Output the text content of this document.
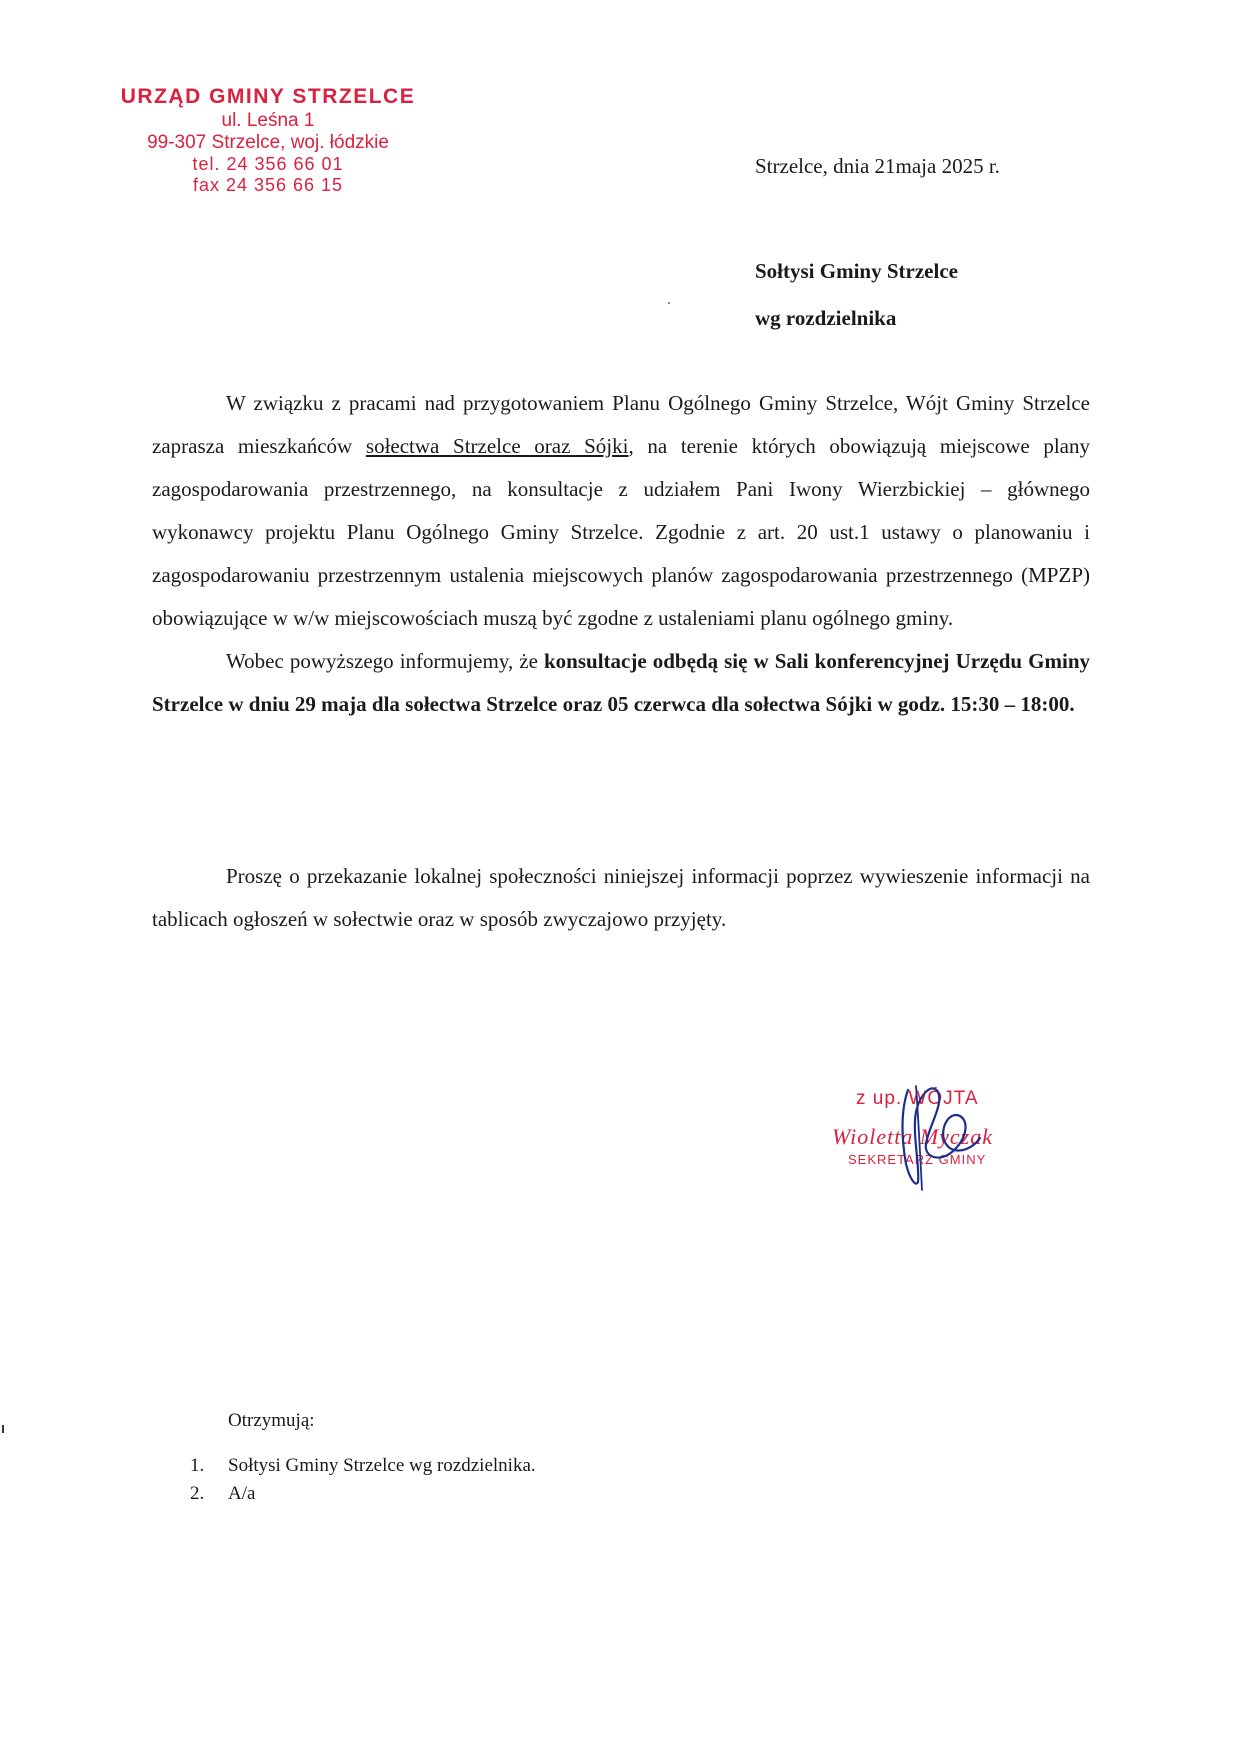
URZĄD GMINY STRZELCE
ul. Leśna 1
99-307 Strzelce, woj. łódzkie
tel. 24 356 66 01
fax 24 356 66 15
Strzelce, dnia 21maja 2025 r.
Sołtysi Gminy Strzelce
wg rozdzielnika

W związku z pracami nad przygotowaniem Planu Ogólnego Gminy Strzelce, Wójt Gminy Strzelce zaprasza mieszkańców sołectwa Strzelce oraz Sójki, na terenie których obowiązują miejscowe plany zagospodarowania przestrzennego, na konsultacje z udziałem Pani Iwony Wierzbickiej – głównego wykonawcy projektu Planu Ogólnego Gminy Strzelce. Zgodnie z art. 20 ust.1 ustawy o planowaniu i zagospodarowaniu przestrzennym ustalenia miejscowych planów zagospodarowania przestrzennego (MPZP) obowiązujące w w/w miejscowościach muszą być zgodne z ustaleniami planu ogólnego gminy.

Wobec powyższego informujemy, że konsultacje odbędą się w Sali konferencyjnej Urzędu Gminy Strzelce w dniu 29 maja dla sołectwa Strzelce oraz 05 czerwca dla sołectwa Sójki w godz. 15:30 – 18:00.

Proszę o przekazanie lokalnej społeczności niniejszej informacji poprzez wywieszenie informacji na tablicach ogłoszeń w sołectwie oraz w sposób zwyczajowo przyjęty.

z up. WÓJTA
Wioletta Myczak
SEKRETARZ GMINY
Otrzymują:
1.	Sołtysi Gminy Strzelce wg rozdzielnika.
2.	A/a
